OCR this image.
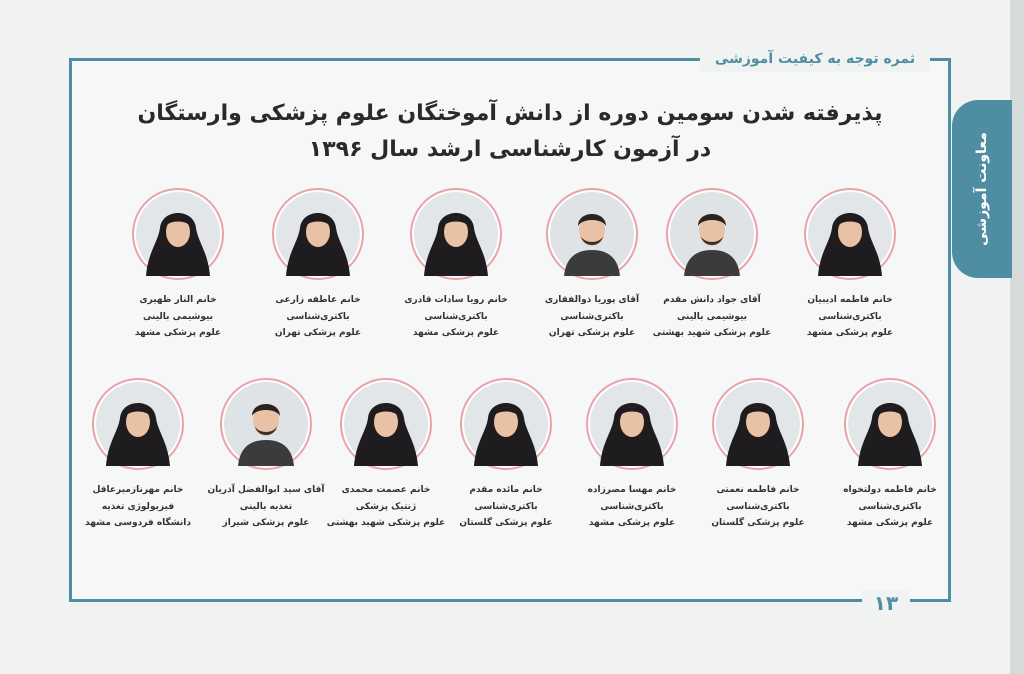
ثمره توجه به کیفیت آموزشی
معاونت آموزشی
پذیرفته شدن سومین دوره از دانش آموختگان علوم پزشکی وارستگان
در آزمون کارشناسی ارشد سال ۱۳۹۶
خانم فاطمه ادیبیان
باکتری‌شناسی
علوم پزشکی مشهد
آقای جواد دانش مقدم
بیوشیمی بالینی
علوم پزشکی شهید بهشتی
آقای پوریا ذوالفقاری
باکتری‌شناسی
علوم پزشکی تهران
خانم رویا سادات قادری
باکتری‌شناسی
علوم پزشکی مشهد
خانم عاطفه زارعی
باکتری‌شناسی
علوم پزشکی تهران
خانم النار ظهیری
بیوشیمی بالینی
علوم پزشکی مشهد
خانم فاطمه دولتخواه
باکتری‌شناسی
علوم پزشکی مشهد
خانم فاطمه نعمتی
باکتری‌شناسی
علوم پزشکی گلستان
خانم مهسا مصرزاده
باکتری‌شناسی
علوم پزشکی مشهد
خانم مائده مقدم
باکتری‌شناسی
علوم پزشکی گلستان
خانم عصمت محمدی
ژنتیک پزشکی
علوم پزشکی شهید بهشتی
آقای سید ابوالفضل آذریان
تغذیه بالینی
علوم پزشکی شیراز
خانم مهرنازمیرعاقل
فیزیولوژی تغذیه
دانشگاه فردوسی مشهد
۱۳
